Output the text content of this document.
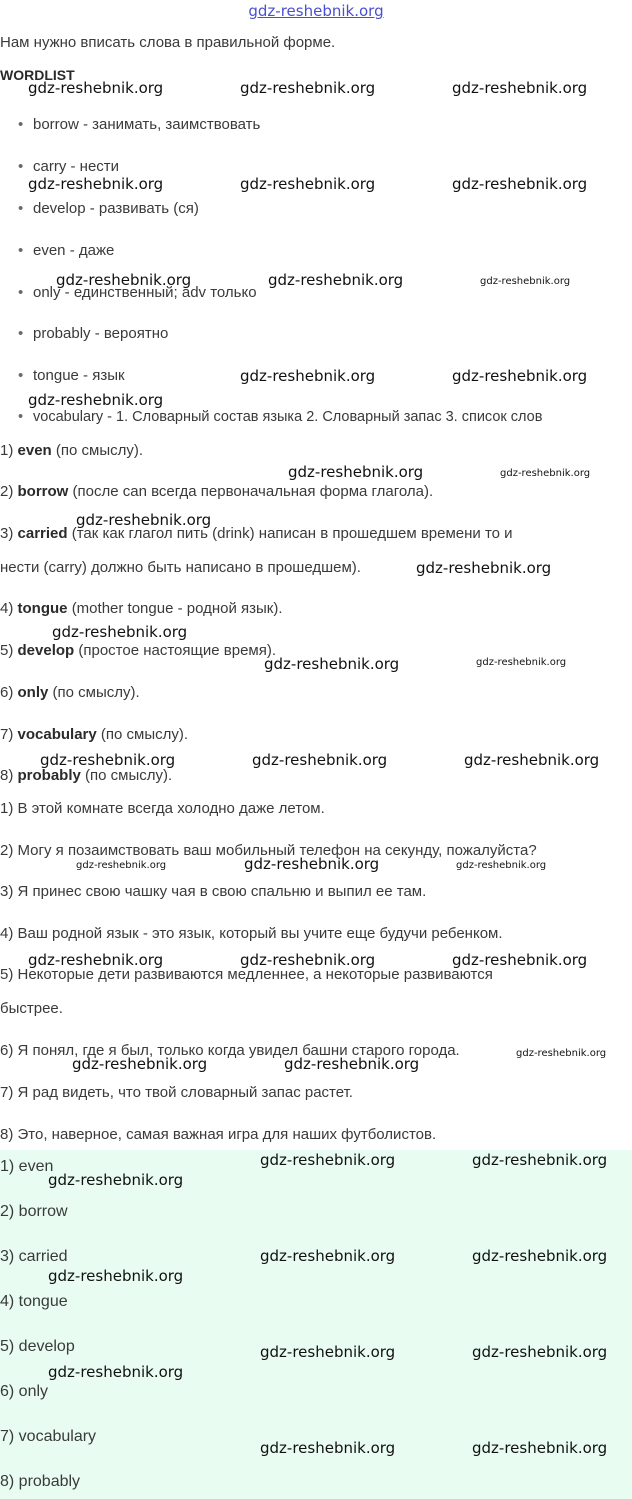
gdz-reshebnik.org
Нам нужно вписать слова в правильной форме.
WORDLIST
• borrow - занимать, заимствовать
• carry - нести
• develop - развивать (ся)
• even - даже
• only - единственный; adv только
• probably - вероятно
• tongue - язык
• vocabulary - 1. Словарный состав языка 2. Словарный запас 3. список слов
1) even (по смыслу).
2) borrow (после can всегда первоначальная форма глагола).
3) carried (так как глагол пить (drink) написан в прошедшем времени то и
нести (carry) должно быть написано в прошедшем).
4) tongue (mother tongue - родной язык).
5) develop (простое настоящие время).
6) only (по смыслу).
7) vocabulary (по смыслу).
8) probably (по смыслу).
1) В этой комнате всегда холодно даже летом.
2) Могу я позаимствовать ваш мобильный телефон на секунду, пожалуйста?
3) Я принес свою чашку чая в свою спальню и выпил ее там.
4) Ваш родной язык - это язык, который вы учите еще будучи ребенком.
5) Некоторые дети развиваются медленнее, а некоторые развиваются
быстрее.
6) Я понял, где я был, только когда увидел башни старого города.
7) Я рад видеть, что твой словарный запас растет.
8) Это, наверное, самая важная игра для наших футболистов.
1) even
2) borrow
3) carried
4) tongue
5) develop
6) only
7) vocabulary
8) probably
gdz-reshebnik.org	gdz-reshebnik.org	gdz-reshebnik.org
gdz-reshebnik.org	gdz-reshebnik.org	gdz-reshebnik.org
gdz-reshebnik.org	gdz-reshebnik.org	gdz-reshebnik.org
gdz-reshebnik.org	gdz-reshebnik.org
gdz-reshebnik.org
gdz-reshebnik.org	gdz-reshebnik.org
gdz-reshebnik.org
gdz-reshebnik.org
gdz-reshebnik.org
gdz-reshebnik.org	gdz-reshebnik.org
gdz-reshebnik.org	gdz-reshebnik.org	gdz-reshebnik.org
gdz-reshebnik.org
gdz-reshebnik.org	gdz-reshebnik.org
gdz-reshebnik.org	gdz-reshebnik.org	gdz-reshebnik.org
gdz-reshebnik.org
gdz-reshebnik.org	gdz-reshebnik.org
gdz-reshebnik.org	gdz-reshebnik.org
gdz-reshebnik.org
gdz-reshebnik.org	gdz-reshebnik.org
gdz-reshebnik.org
gdz-reshebnik.org	gdz-reshebnik.org
gdz-reshebnik.org
gdz-reshebnik.org	gdz-reshebnik.org
